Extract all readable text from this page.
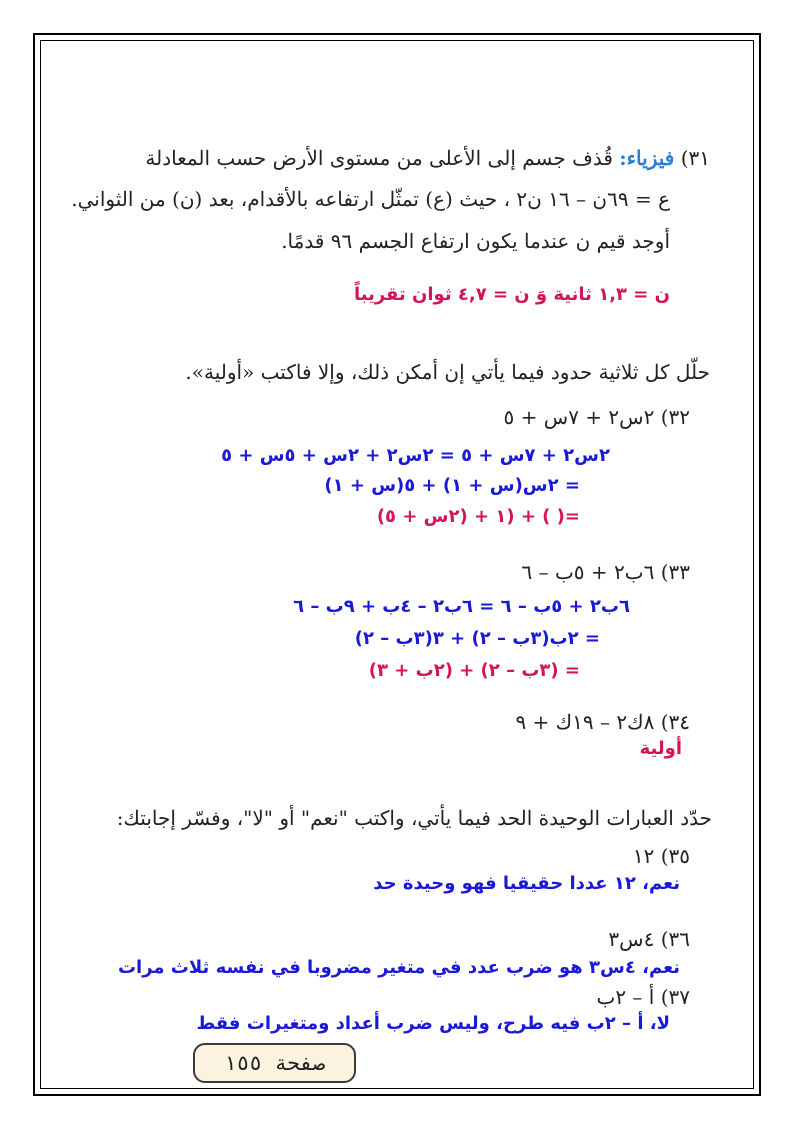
٣١) فيزياء: قُذف جسم إلى الأعلى من مستوى الأرض حسب المعادلة
ع = ٦٩ن – ١٦ ن٢ ، حيث (ع) تمثّل ارتفاعه بالأقدام، بعد (ن) من الثواني.
أوجد قيم ن عندما يكون ارتفاع الجسم ٩٦ قدمًا.
ن = ١,٣ ثانية وَ ن = ٤,٧ ثوان تقريباً
حلّل كل ثلاثية حدود فيما يأتي إن أمكن ذلك، وإلا فاكتب «أولية».
٣٢) ٢س٢ + ٧س + ٥
٢س٢ + ٧س + ٥ = ٢س٢ + ٢س + ٥س + ٥
= ٢س(س + ١) + ٥(س + ١)
=( ) + (١ + (٢س + ٥)
٣٣) ٦ب٢ + ٥ب – ٦
٦ب٢ + ٥ب – ٦ = ٦ب٢ – ٤ب + ٩ب – ٦
= ٢ب(٣ب – ٢) + ٣(٣ب – ٢)
= (٣ب – ٢) + (٢ب + ٣)
٣٤) ٨ك٢ – ١٩ك + ٩
أولية
حدّد العبارات الوحيدة الحد فيما يأتي، واكتب "نعم" أو "لا"، وفسّر إجابتك:
٣٥) ١٢
نعم، ١٢ عددا حقيقيا فهو وحيدة حد
٣٦) ٤س٣
نعم، ٤س٣ هو ضرب عدد في متغير مضروبا في نفسه ثلاث مرات
٣٧) أ – ٢ب
لا، أ – ٢ب فيه طرح، وليس ضرب أعداد ومتغيرات فقط
صفحة ١٥٥
